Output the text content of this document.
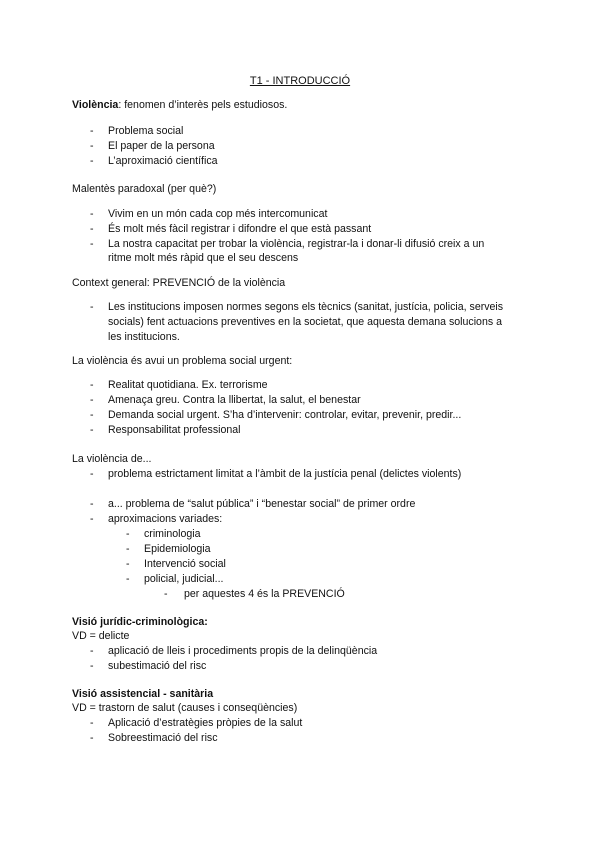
T1 - INTRODUCCIÓ
Violència: fenomen d’interès pels estudiosos.
-	Problema social
-	El paper de la persona
-	L’aproximació científica
Malentès paradoxal (per què?)
-	Vivim en un món cada cop més intercomunicat
-	És molt més fàcil registrar i difondre el que està passant
-	La nostra capacitat per trobar la violència, registrar-la i donar-li difusió creix a un
ritme molt més ràpid que el seu descens
Context general: PREVENCIÓ de la violència
-	Les institucions imposen normes segons els tècnics (sanitat, justícia, policia, serveis
socials) fent actuacions preventives en la societat, que aquesta demana solucions a
les institucions.
La violència és avui un problema social urgent:
-	Realitat quotidiana. Ex. terrorisme
-	Amenaça greu. Contra la llibertat, la salut, el benestar
-	Demanda social urgent. S’ha d’intervenir: controlar, evitar, prevenir, predir...
-	Responsabilitat professional
La violència de...
-	problema estrictament limitat a l’àmbit de la justícia penal (delictes violents)
-	a... problema de “salut pública” i “benestar social” de primer ordre
-	aproximacions variades:
-	criminologia
-	Epidemiologia
-	Intervenció social
-	policial, judicial...
-	per aquestes 4 és la PREVENCIÓ
Visió jurídic-criminològica:
VD = delicte
-	aplicació de lleis i procediments propis de la delinqüència
-	subestimació del risc
Visió assistencial - sanitària
VD = trastorn de salut (causes i conseqüències)
-	Aplicació d’estratègies pròpies de la salut
-	Sobreestimació del risc
